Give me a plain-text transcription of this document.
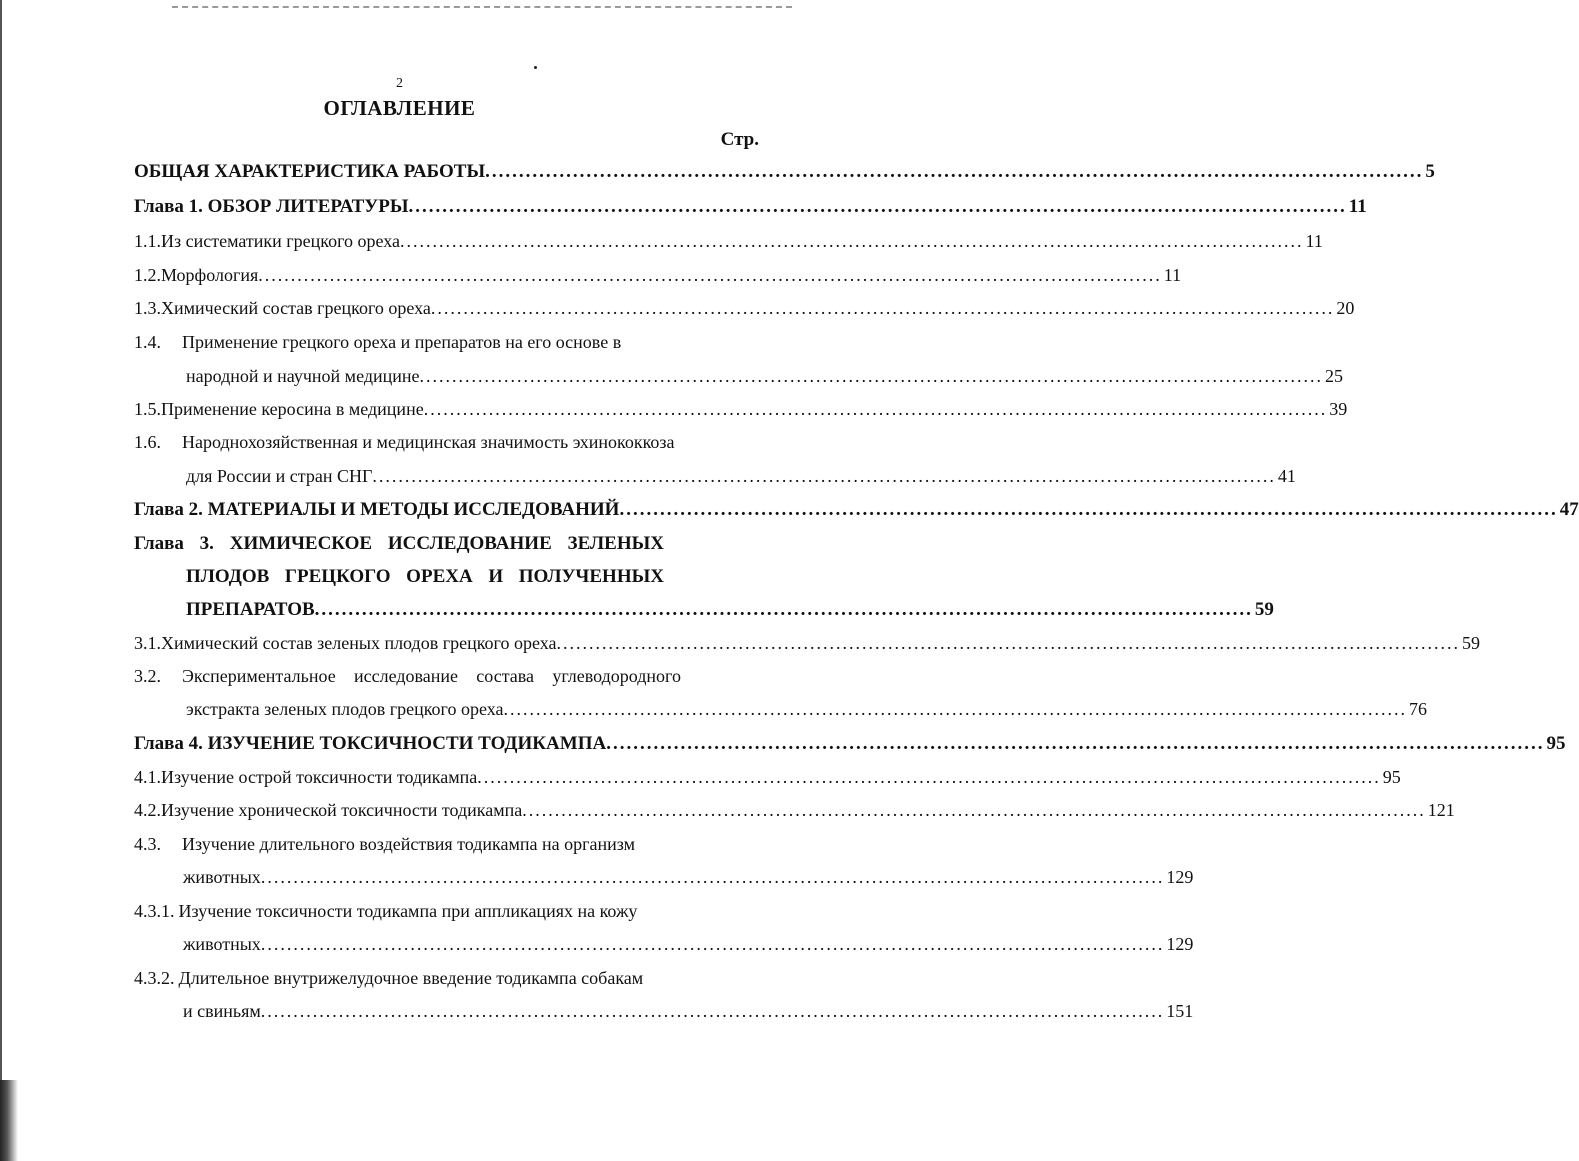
2
ОГЛАВЛЕНИЕ
Стр.
ОБЩАЯ ХАРАКТЕРИСТИКА РАБОТЫ ........................................................................................................................................... 5
Глава 1. ОБЗОР ЛИТЕРАТУРЫ ........................................................................................................................................... 11
1.1. Из систематики грецкого ореха ........................................................................................................................................... 11
1.2. Морфология ........................................................................................................................................... 11
1.3. Химический состав грецкого ореха ........................................................................................................................................... 20
1.4.	Применение грецкого ореха и препаратов на его основе в
народной и научной медицине ........................................................................................................................................... 25
1.5. Применение керосина в медицине ........................................................................................................................................... 39
1.6.	Народнохозяйственная и медицинская значимость эхинококкоза
для России и стран СНГ ........................................................................................................................................... 41
Глава 2. МАТЕРИАЛЫ И МЕТОДЫ ИССЛЕДОВАНИЙ ........................................................................................................................................... 47
Глава 3. ХИМИЧЕСКОЕ ИССЛЕДОВАНИЕ ЗЕЛЕНЫХ
ПЛОДОВ ГРЕЦКОГО ОРЕХА И ПОЛУЧЕННЫХ
ПРЕПАРАТОВ ........................................................................................................................................... 59
3.1. Химический состав зеленых плодов грецкого ореха ........................................................................................................................................... 59
3.2.	Экспериментальное исследование состава углеводородного
экстракта зеленых плодов грецкого ореха ........................................................................................................................................... 76
Глава 4. ИЗУЧЕНИЕ ТОКСИЧНОСТИ ТОДИКАМПА ........................................................................................................................................... 95
4.1. Изучение острой токсичности тодикампа ........................................................................................................................................... 95
4.2. Изучение хронической токсичности тодикампа ........................................................................................................................................... 121
4.3.	Изучение длительного воздействия тодикампа на организм
животных ........................................................................................................................................... 129
4.3.1. Изучение токсичности тодикампа при аппликациях на кожу
животных ........................................................................................................................................... 129
4.3.2. Длительное внутрижелудочное введение тодикампа собакам
и свиньям ........................................................................................................................................... 151
